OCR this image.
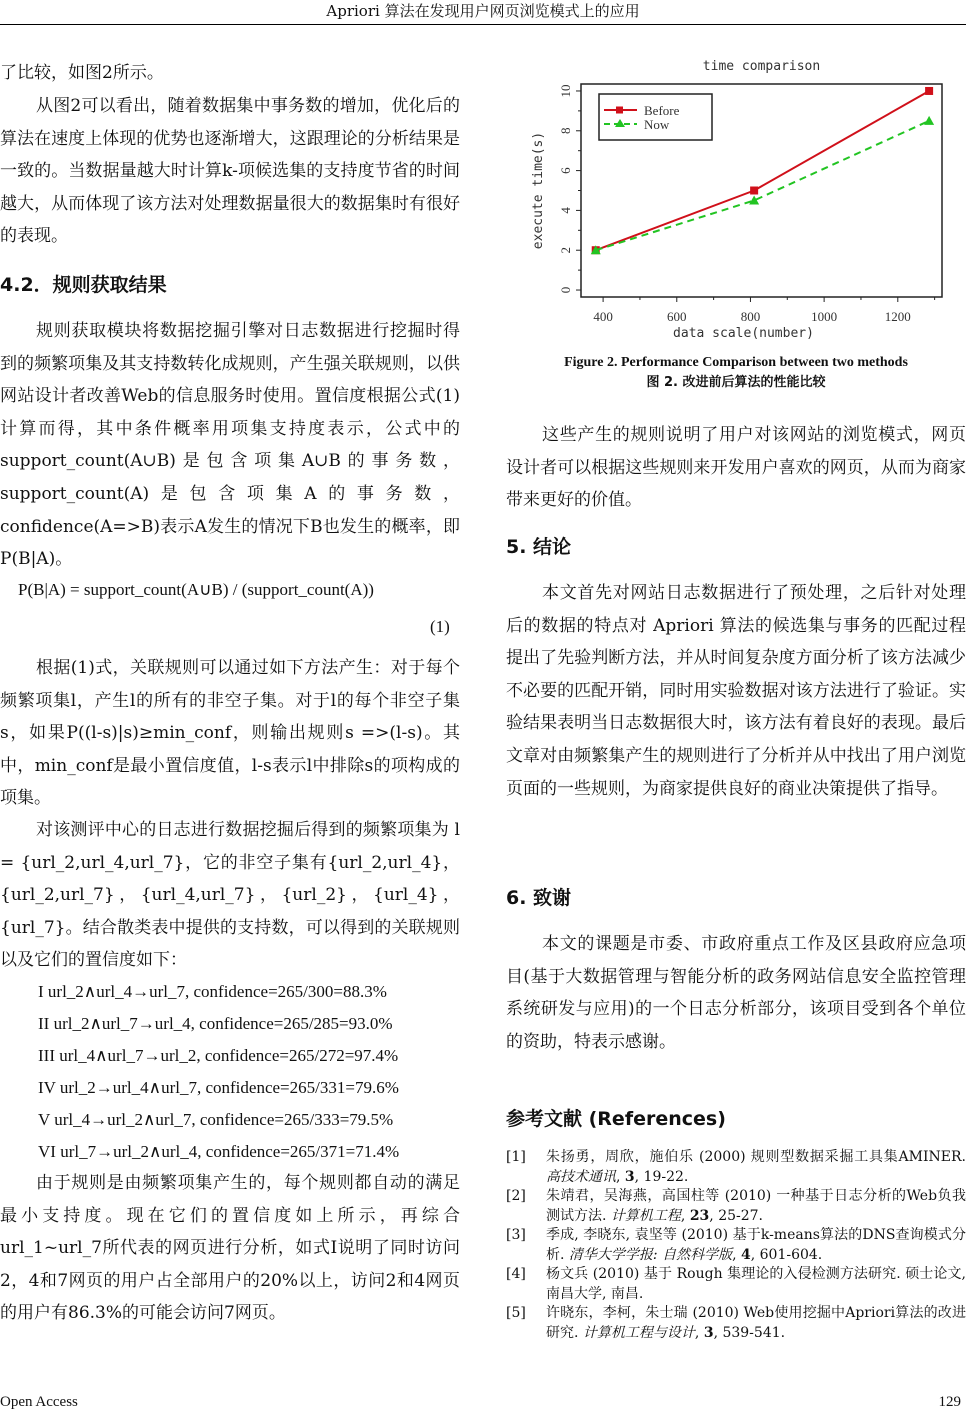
Apriori 算法在发现用户网页浏览模式上的应用
了比较，如图2所示。
从图2可以看出，随着数据集中事务数的增加，优化后的算法在速度上体现的优势也逐渐增大，这跟理论的分析结果是一致的。当数据量越大时计算k-项候选集的支持度节省的时间越大，从而体现了该方法对处理数据量很大的数据集时有很好的表现。
4.2．规则获取结果
规则获取模块将数据挖掘引擎对日志数据进行挖掘时得到的频繁项集及其支持数转化成规则，产生强关联规则，以供网站设计者改善Web的信息服务时使用。置信度根据公式(1)计算而得，其中条件概率用项集支持度表示，公式中的support_count(A∪B)是包含项集A∪B的事务数，support_count(A)是包含项集A的事务数，confidence(A=>B)表示A发生的情况下B也发生的概率，即P(B|A)。
P(B|A) = support_count(A∪B) / (support_count(A))
(1)
根据(1)式，关联规则可以通过如下方法产生：对于每个频繁项集l，产生l的所有的非空子集。对于l的每个非空子集s，如果P((l-s)|s)≥min_conf，则输出规则s =>(l-s)。其中，min_conf是最小置信度值，l-s表示l中排除s的项构成的项集。
对该测评中心的日志进行数据挖掘后得到的频繁项集为 l = {url_2,url_4,url_7}，它的非空子集有{url_2,url_4}，{url_2,url_7}，{url_4,url_7}，{url_2}，{url_4}，{url_7}。结合散类表中提供的支持数，可以得到的关联规则以及它们的置信度如下：
I url_2∧url_4→url_7, confidence=265/300=88.3%
II url_2∧url_7→url_4, confidence=265/285=93.0%
III url_4∧url_7→url_2, confidence=265/272=97.4%
IV url_2→url_4∧url_7, confidence=265/331=79.6%
V url_4→url_2∧url_7, confidence=265/333=79.5%
VI url_7→url_2∧url_4, confidence=265/371=71.4%
由于规则是由频繁项集产生的，每个规则都自动的满足最小支持度。现在它们的置信度如上所示，再综合url_1~url_7所代表的网页进行分析，如式Ⅰ说明了同时访问2，4和7网页的用户占全部用户的20%以上，访问2和4网页的用户有86.3%的可能会访问7网页。
time comparison
400	600	800	1000	1200
data scale(number)
0
2
4
6
8
10
execute time(s)
Before
Now
Figure 2. Performance Comparison between two methods
图 2. 改进前后算法的性能比较
这些产生的规则说明了用户对该网站的浏览模式，网页设计者可以根据这些规则来开发用户喜欢的网页，从而为商家带来更好的价值。
5. 结论
本文首先对网站日志数据进行了预处理，之后针对处理后的数据的特点对 Apriori 算法的候选集与事务的匹配过程提出了先验判断方法，并从时间复杂度方面分析了该方法减少不必要的匹配开销，同时用实验数据对该方法进行了验证。实验结果表明当日志数据很大时，该方法有着良好的表现。最后文章对由频繁集产生的规则进行了分析并从中找出了用户浏览页面的一些规则，为商家提供良好的商业决策提供了指导。
6. 致谢
本文的课题是市委、市政府重点工作及区县政府应急项目(基于大数据管理与智能分析的政务网站信息安全监控管理系统研发与应用)的一个日志分析部分，该项目受到各个单位的资助，特表示感谢。
参考文献 (References)
[1] 朱扬勇，周欣，施伯乐 (2000) 规则型数据采掘工具集AMINER. 高技术通讯, 3, 19-22.
[2] 朱靖君，吴海燕，高国柱等 (2010) 一种基于日志分析的Web负我测试方法. 计算机工程, 23, 25-27.
[3] 季成, 李晓东, 袁坚等 (2010) 基于k-means算法的DNS查询模式分析. 清华大学学报: 自然科学版, 4, 601-604.
[4] 杨文兵 (2010) 基于 Rough 集理论的入侵检测方法研究. 硕士论文, 南昌大学, 南昌.
[5] 许晓东，李柯，朱士瑞 (2010) Web使用挖掘中Apriori算法的改进研究. 计算机工程与设计, 3, 539-541.
Open Access	129
